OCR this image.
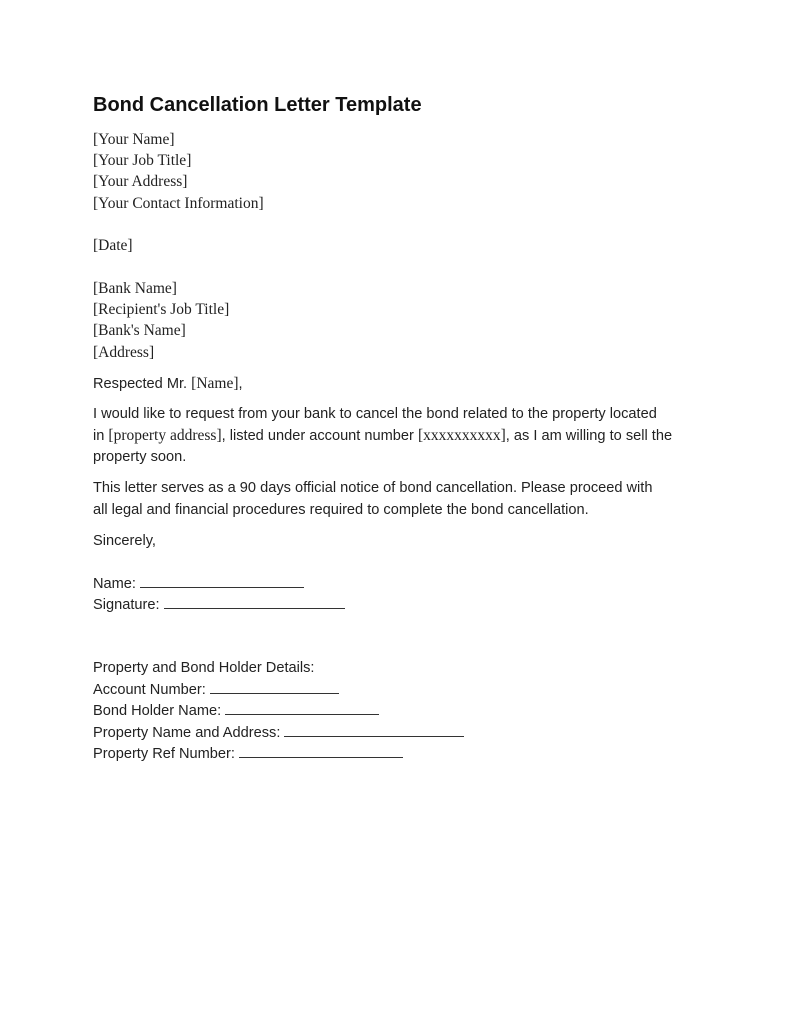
Bond Cancellation Letter Template
[Your Name]
[Your Job Title]
[Your Address]
[Your Contact Information]
[Date]
[Bank Name]
[Recipient's Job Title]
[Bank's Name]
[Address]
Respected Mr. [Name],
I would like to request from your bank to cancel the bond related to the property located
in [property address], listed under account number [xxxxxxxxxx], as I am willing to sell the
property soon.
This letter serves as a 90 days official notice of bond cancellation. Please proceed with
all legal and financial procedures required to complete the bond cancellation.
Sincerely,
Name:
Signature:
Property and Bond Holder Details:
Account Number:
Bond Holder Name:
Property Name and Address:
Property Ref Number:
